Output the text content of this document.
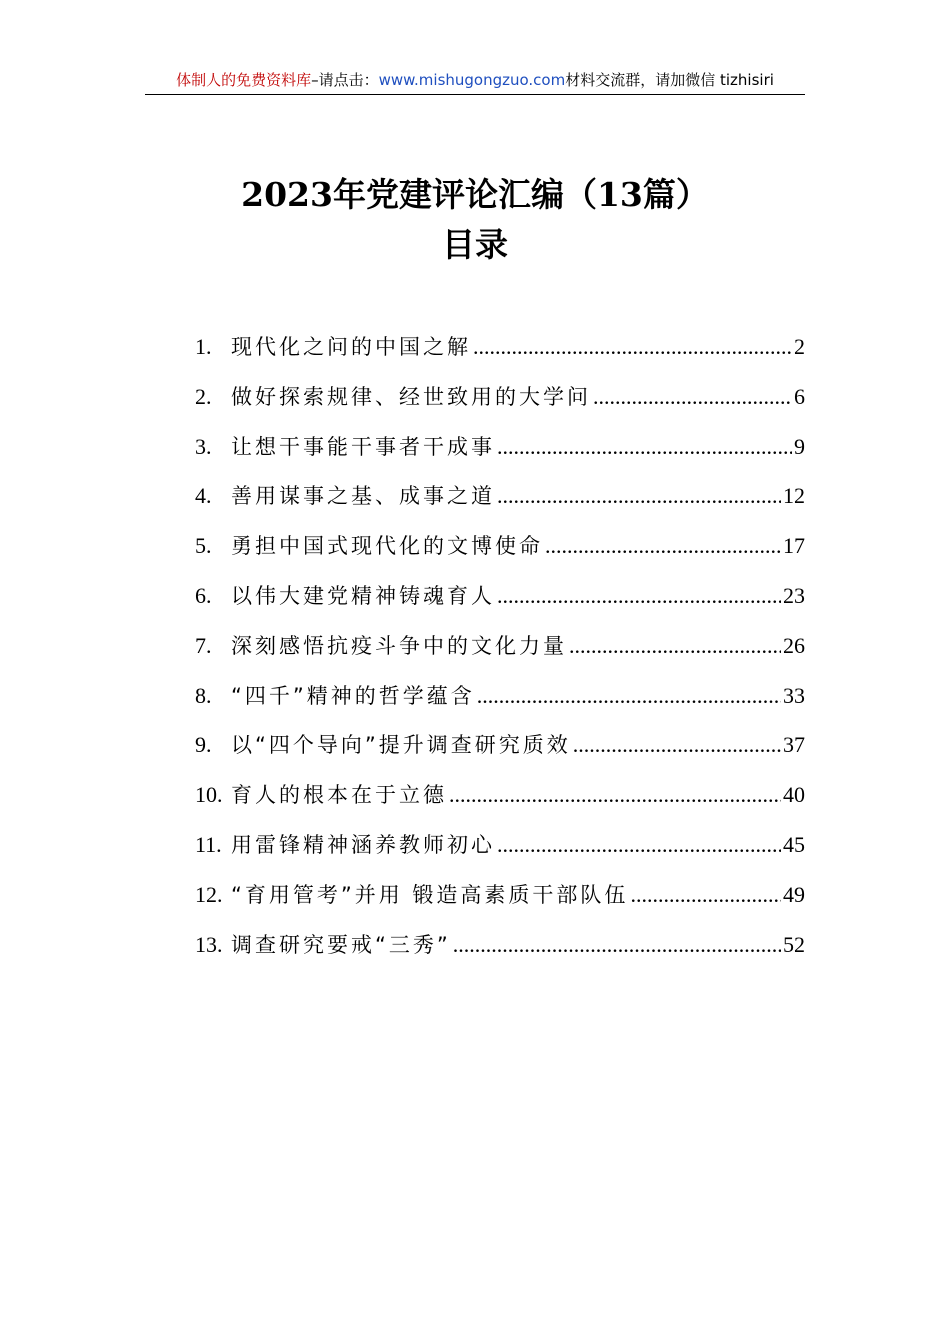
体制人的免费资料库–请点击：www.mishugongzuo.com材料交流群，请加微信 tizhisiri
2023年党建评论汇编（13篇）
目录
1. 现代化之问的中国之解 .....	2
2. 做好探索规律、经世致用的大学问 .....	6
3. 让想干事能干事者干成事 .....	9
4. 善用谋事之基、成事之道 .....	12
5. 勇担中国式现代化的文博使命 .....	17
6. 以伟大建党精神铸魂育人 .....	23
7. 深刻感悟抗疫斗争中的文化力量 .....	26
8. “四千”精神的哲学蕴含 .....	33
9. 以“四个导向”提升调查研究质效 .....	37
10. 育人的根本在于立德 .....	40
11. 用雷锋精神涵养教师初心 .....	45
12. “育用管考”并用 锻造高素质干部队伍 .....	49
13. 调查研究要戒“三秀” .....	52
